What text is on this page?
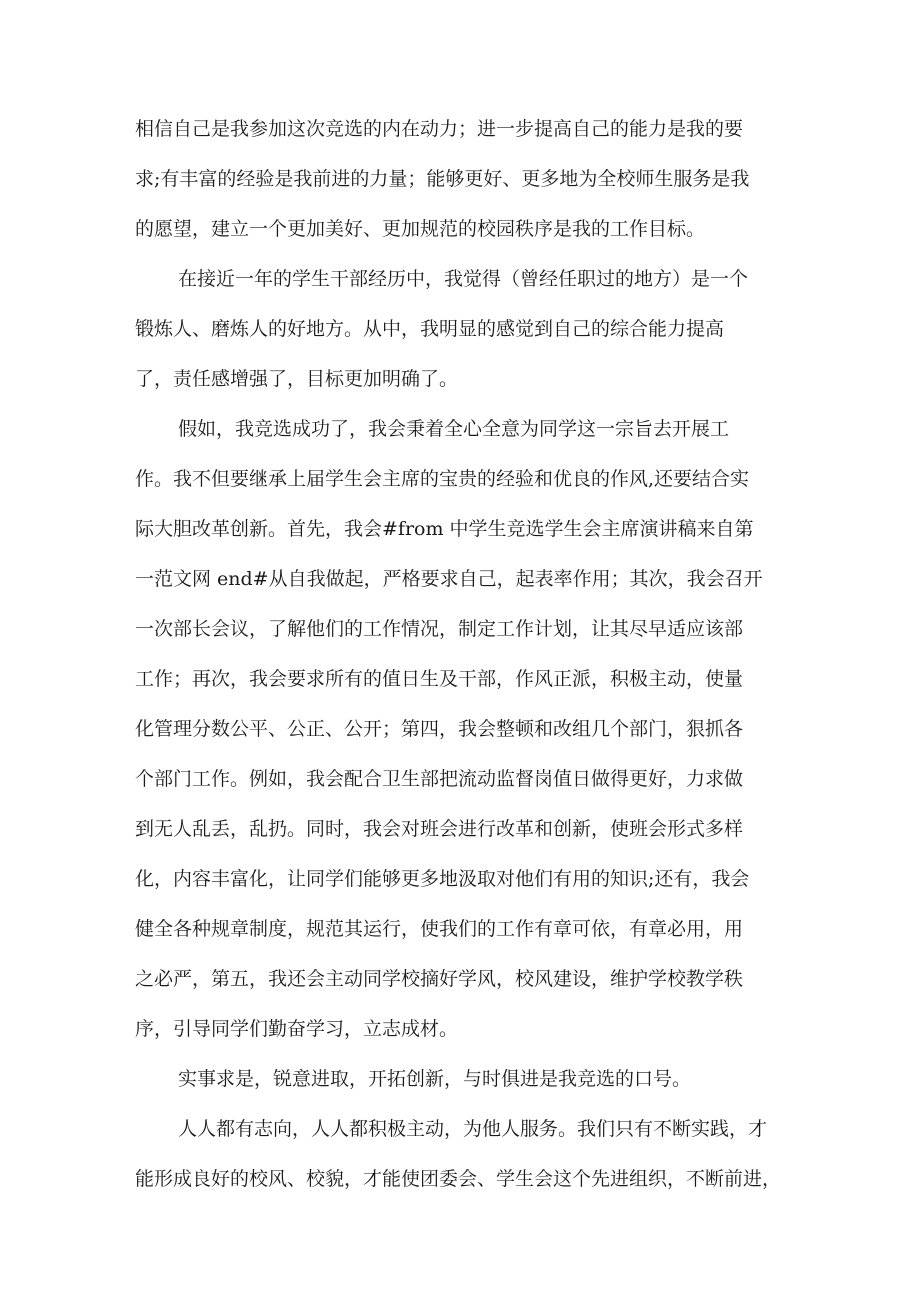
相信自己是我参加这次竞选的内在动力；进一步提高自己的能力是我的要
求;有丰富的经验是我前进的力量；能够更好、更多地为全校师生服务是我
的愿望，建立一个更加美好、更加规范的校园秩序是我的工作目标。
在接近一年的学生干部经历中，我觉得（曾经任职过的地方）是一个
锻炼人、磨炼人的好地方。从中，我明显的感觉到自己的综合能力提高
了，责任感增强了，目标更加明确了。
假如，我竞选成功了，我会秉着全心全意为同学这一宗旨去开展工
作。我不但要继承上届学生会主席的宝贵的经验和优良的作风,还要结合实
际大胆改革创新。首先，我会#from 中学生竞选学生会主席演讲稿来自第
一范文网 end#从自我做起，严格要求自己，起表率作用；其次，我会召开
一次部长会议，了解他们的工作情况，制定工作计划，让其尽早适应该部
工作；再次，我会要求所有的值日生及干部，作风正派，积极主动，使量
化管理分数公平、公正、公开；第四，我会整顿和改组几个部门，狠抓各
个部门工作。例如，我会配合卫生部把流动监督岗值日做得更好，力求做
到无人乱丢，乱扔。同时，我会对班会进行改革和创新，使班会形式多样
化，内容丰富化，让同学们能够更多地汲取对他们有用的知识;还有，我会
健全各种规章制度，规范其运行，使我们的工作有章可依，有章必用，用
之必严，第五，我还会主动同学校摘好学风，校风建设，维护学校教学秩
序，引导同学们勤奋学习，立志成材。
实事求是，锐意进取，开拓创新，与时俱进是我竞选的口号。
人人都有志向，人人都积极主动，为他人服务。我们只有不断实践，才
能形成良好的校风、校貌，才能使团委会、学生会这个先进组织，不断前进，
